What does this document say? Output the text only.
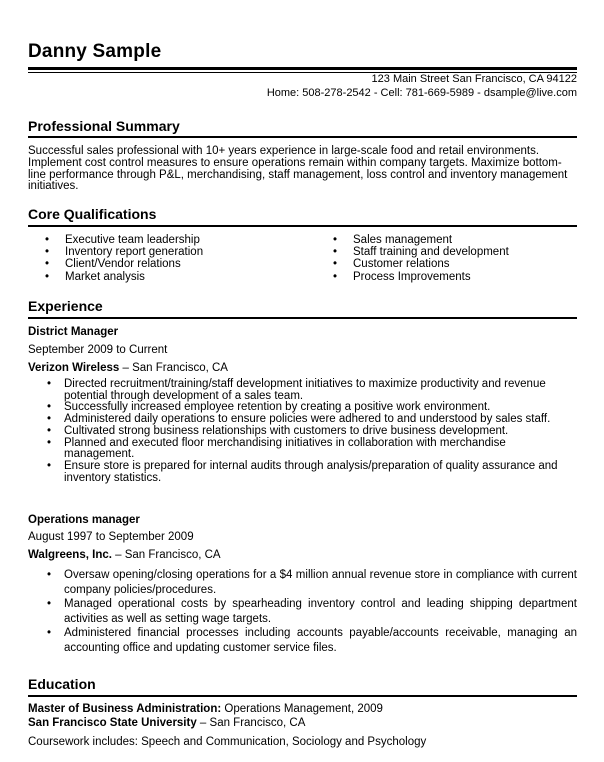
Danny Sample
123 Main Street San Francisco, CA 94122
Home: 508-278-2542 - Cell: 781-669-5989 - dsample@live.com
Professional Summary
Successful sales professional with 10+ years experience in large-scale food and retail environments. Implement cost control measures to ensure operations remain within company targets. Maximize bottom-line performance through P&L, merchandising, staff management, loss control and inventory management initiatives.
Core Qualifications
• Executive team leadership
• Inventory report generation
• Client/Vendor relations
• Market analysis
• Sales management
• Staff training and development
• Customer relations
• Process Improvements
Experience
District Manager
September 2009 to Current
Verizon Wireless – San Francisco, CA
• Directed recruitment/training/staff development initiatives to maximize productivity and revenue potential through development of a sales team.
• Successfully increased employee retention by creating a positive work environment.
• Administered daily operations to ensure policies were adhered to and understood by sales staff.
• Cultivated strong business relationships with customers to drive business development.
• Planned and executed floor merchandising initiatives in collaboration with merchandise management.
• Ensure store is prepared for internal audits through analysis/preparation of quality assurance and inventory statistics.
Operations manager
August 1997 to September 2009
Walgreens, Inc. – San Francisco, CA
• Oversaw opening/closing operations for a $4 million annual revenue store in compliance with current company policies/procedures.
• Managed operational costs by spearheading inventory control and leading shipping department activities as well as setting wage targets.
• Administered financial processes including accounts payable/accounts receivable, managing an accounting office and updating customer service files.
Education
Master of Business Administration: Operations Management, 2009
San Francisco State University – San Francisco, CA
Coursework includes: Speech and Communication, Sociology and Psychology
